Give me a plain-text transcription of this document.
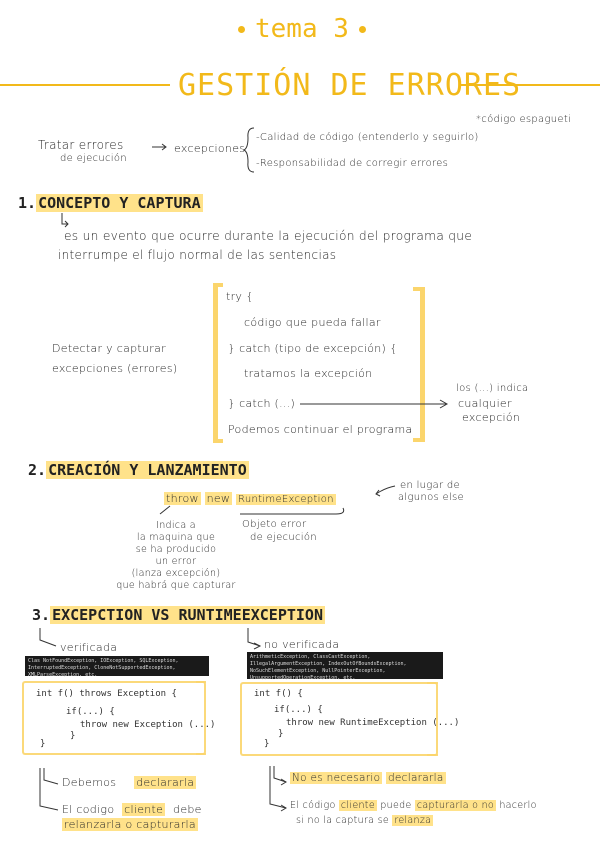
tema 3
GESTIÓN DE ERRORES
*código espagueti
Tratar errores
de ejecución
excepciones
-Calidad de código (entenderlo y seguirlo)
-Responsabilidad de corregir errores
1. CONCEPTO Y CAPTURA
es un evento que ocurre durante la ejecución del programa que
interrumpe el flujo normal de las sentencias
Detectar y capturar
excepciones (errores)
try {
código que pueda fallar
} catch (tipo de excepción) {
tratamos la excepción
} catch (...)
Podemos continuar el programa
los (...) indica
cualquier
excepción
2. CREACIÓN Y LANZAMIENTO
throw new RuntimeException
en lugar de
algunos else
Indica a
la maquina que
se ha producido
un error
(lanza excepción)
que habrá que capturar
Objeto error
de ejecución
3. EXCEPCTION VS RUNTIMEEXCEPTION
verificada	no verificada
Clas NotFoundException, IOException, SQLException, InterruptedException, CloneNotSupportedException, XMLParseException, etc.
ArithmeticException, ClassCastException, IllegalArgumentException, IndexOutOfBoundsException, NoSuchElementException, NullPointerException, UnsupportedOperationException, etc.
int f() throws Exception {
if(...) {
throw new Exception (...)
}
}
int f() {
if(...) {
throw new RuntimeException (...)
}
}
Debemos declararla
El codigo cliente debe
relanzarla o capturarla
No es necesario declararla
El código cliente puede capturarla o no hacerlo
si no la captura se relanza
